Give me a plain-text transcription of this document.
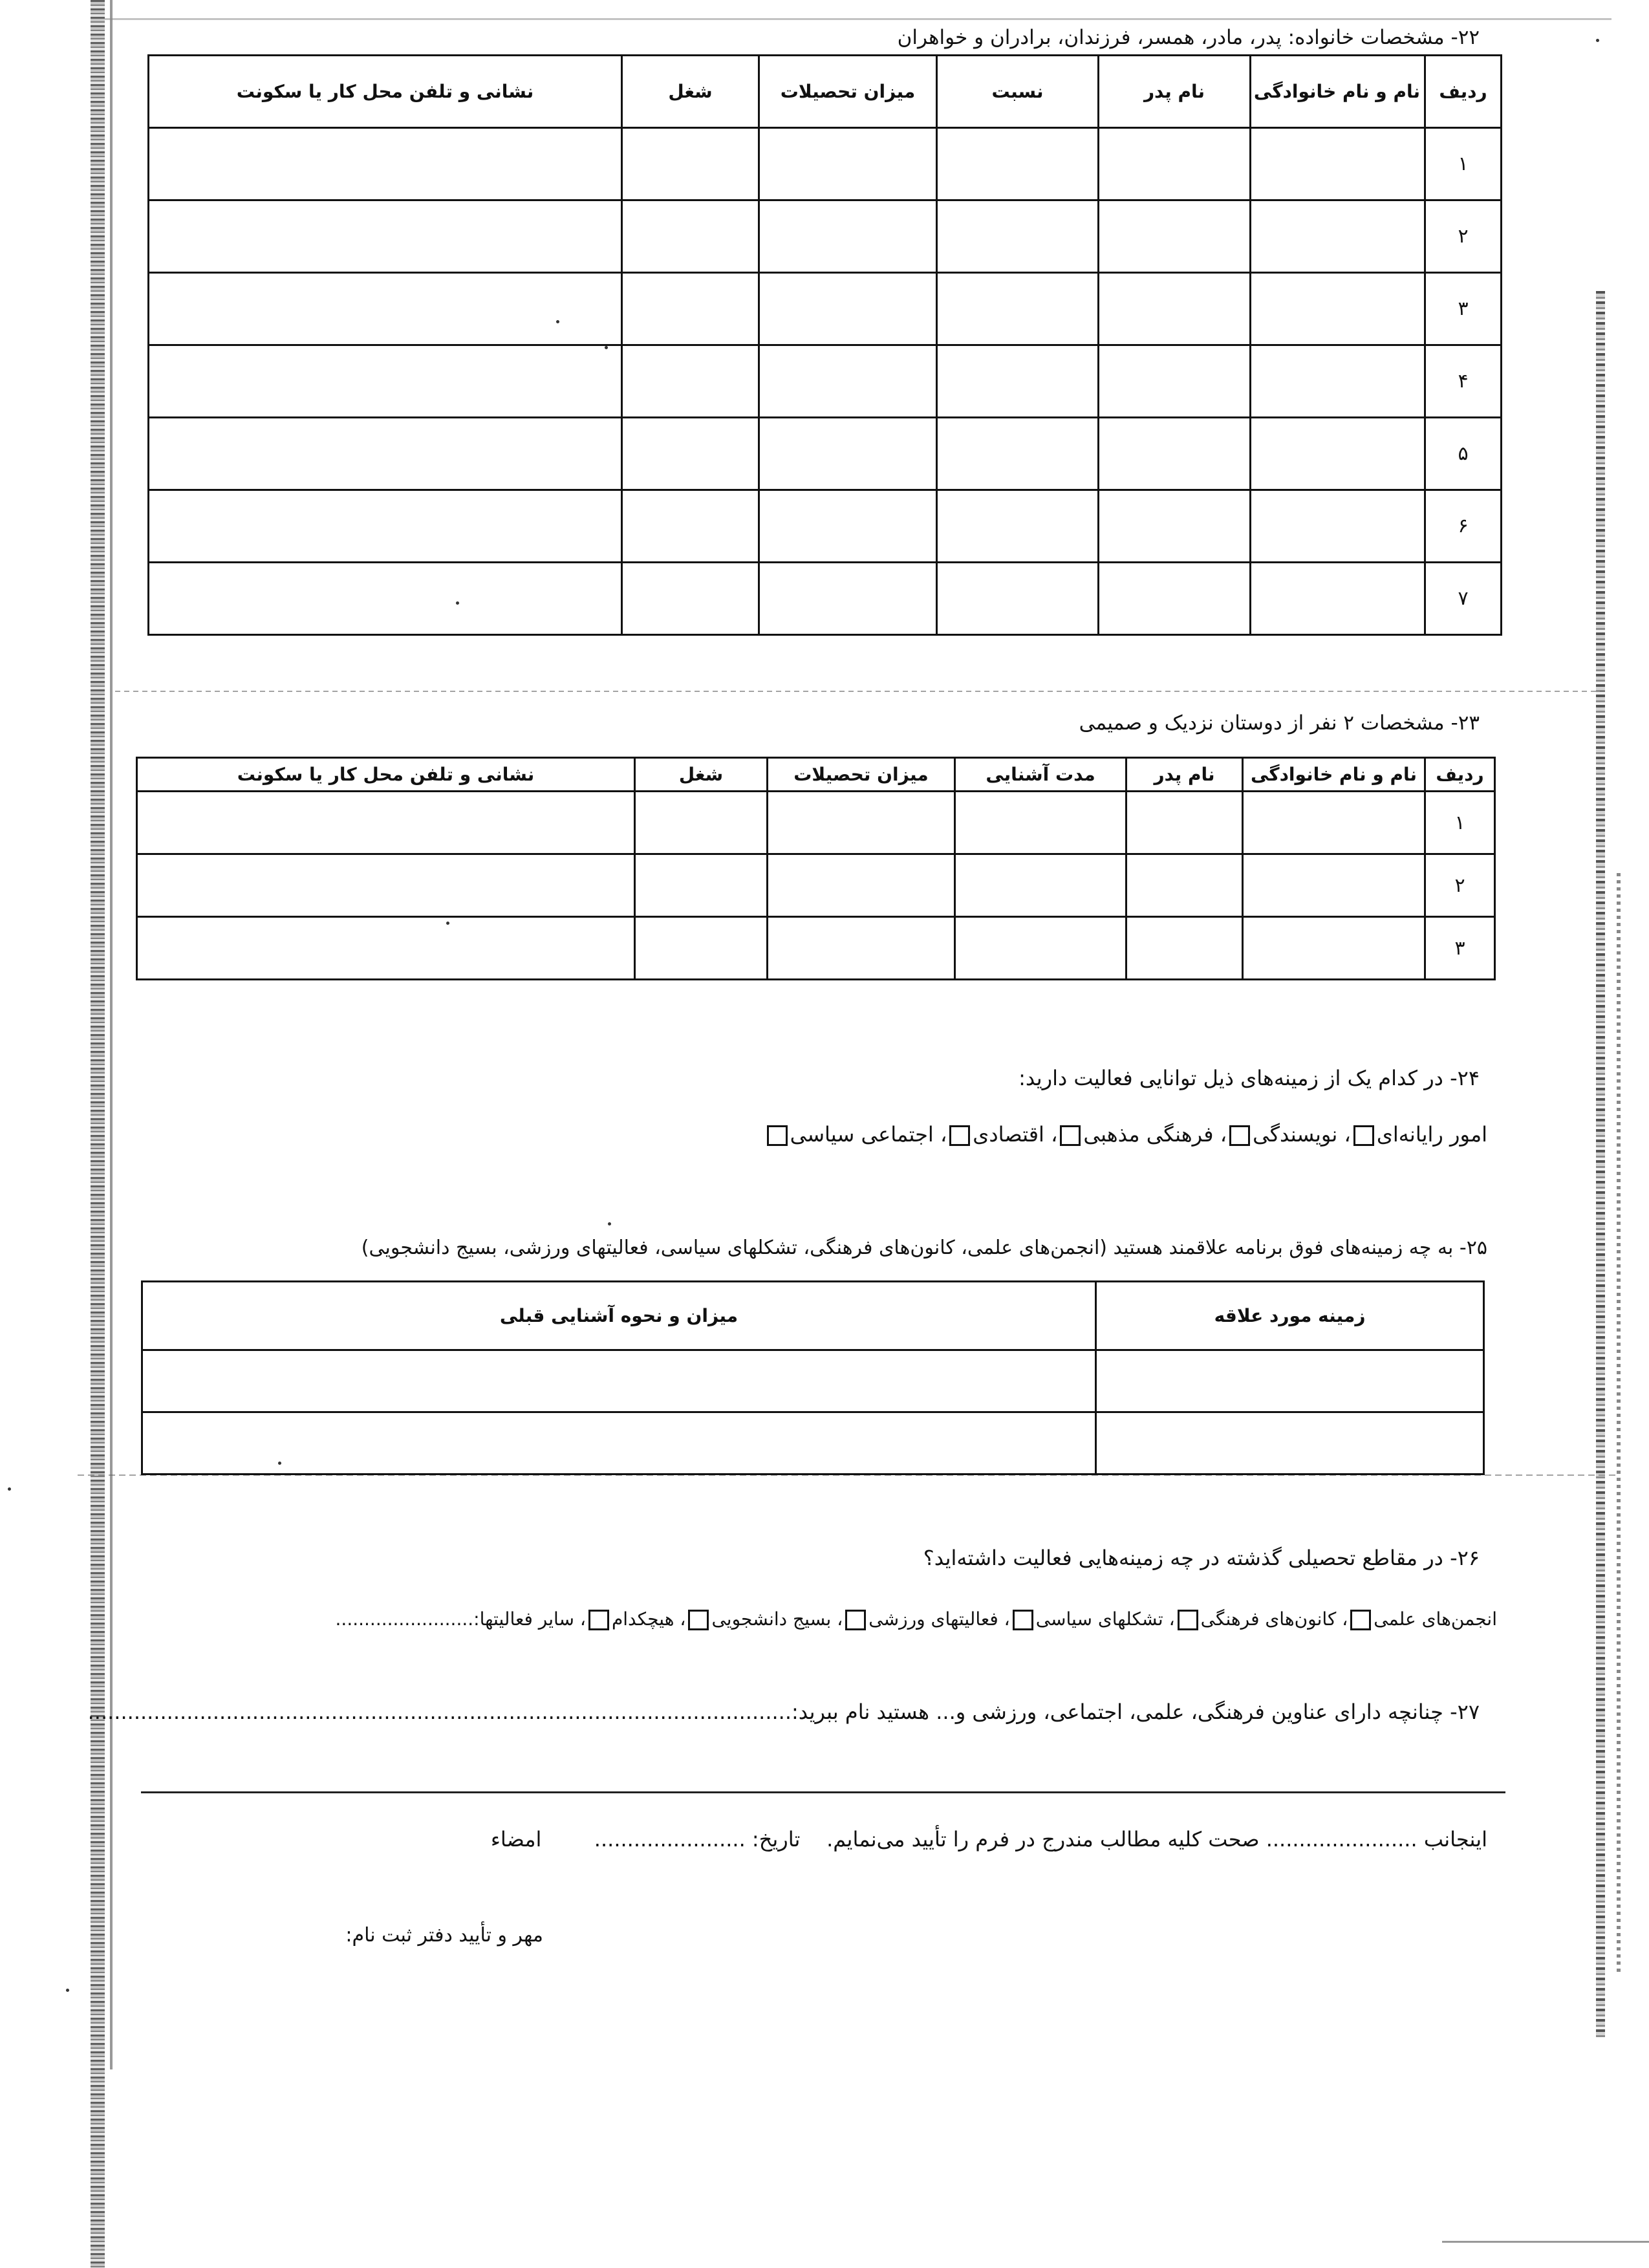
۲۲- مشخصات خانواده: پدر، مادر، همسر، فرزندان، برادران و خواهران
ردیف	نام و نام خانوادگی	نام پدر	نسبت	میزان تحصیلات	شغل	نشانی و تلفن محل کار یا سکونت
۱						
۲						
۳						
۴						
۵						
۶						
۷						
۲۳- مشخصات ۲ نفر از دوستان نزدیک و صمیمی
ردیف	نام و نام خانوادگی	نام پدر	مدت آشنایی	میزان تحصیلات	شغل	نشانی و تلفن محل کار یا سکونت
۱						
۲						
۳						
۲۴- در کدام یک از زمینه‌های ذیل توانایی فعالیت دارید:
امور رایانه‌ای، نویسندگی، فرهنگی مذهبی، اقتصادی، اجتماعی سیاسی
۲۵- به چه زمینه‌های فوق برنامه علاقمند هستید (انجمن‌های علمی، کانون‌های فرهنگی، تشکلهای سیاسی، فعالیتهای ورزشی، بسیج دانشجویی)
زمینه مورد علاقه	میزان و نحوه آشنایی قبلی

۲۶- در مقاطع تحصیلی گذشته در چه زمینه‌هایی فعالیت داشته‌اید؟
انجمن‌های علمی، کانون‌های فرهنگی، تشکلهای سیاسی، فعالیتهای ورزشی، بسیج دانشجویی، هیچکدام، سایر فعالیتها:........................
۲۷- چنانچه دارای عناوین فرهنگی، علمی، اجتماعی، ورزشی و... هستید نام ببرید:...........................................................................................................
اینجانب ....................... صحت کلیه مطالب مندرج در فرم را تأیید می‌نمایم.    تاریخ: .......................        امضاء
مهر و تأیید دفتر ثبت نام:
